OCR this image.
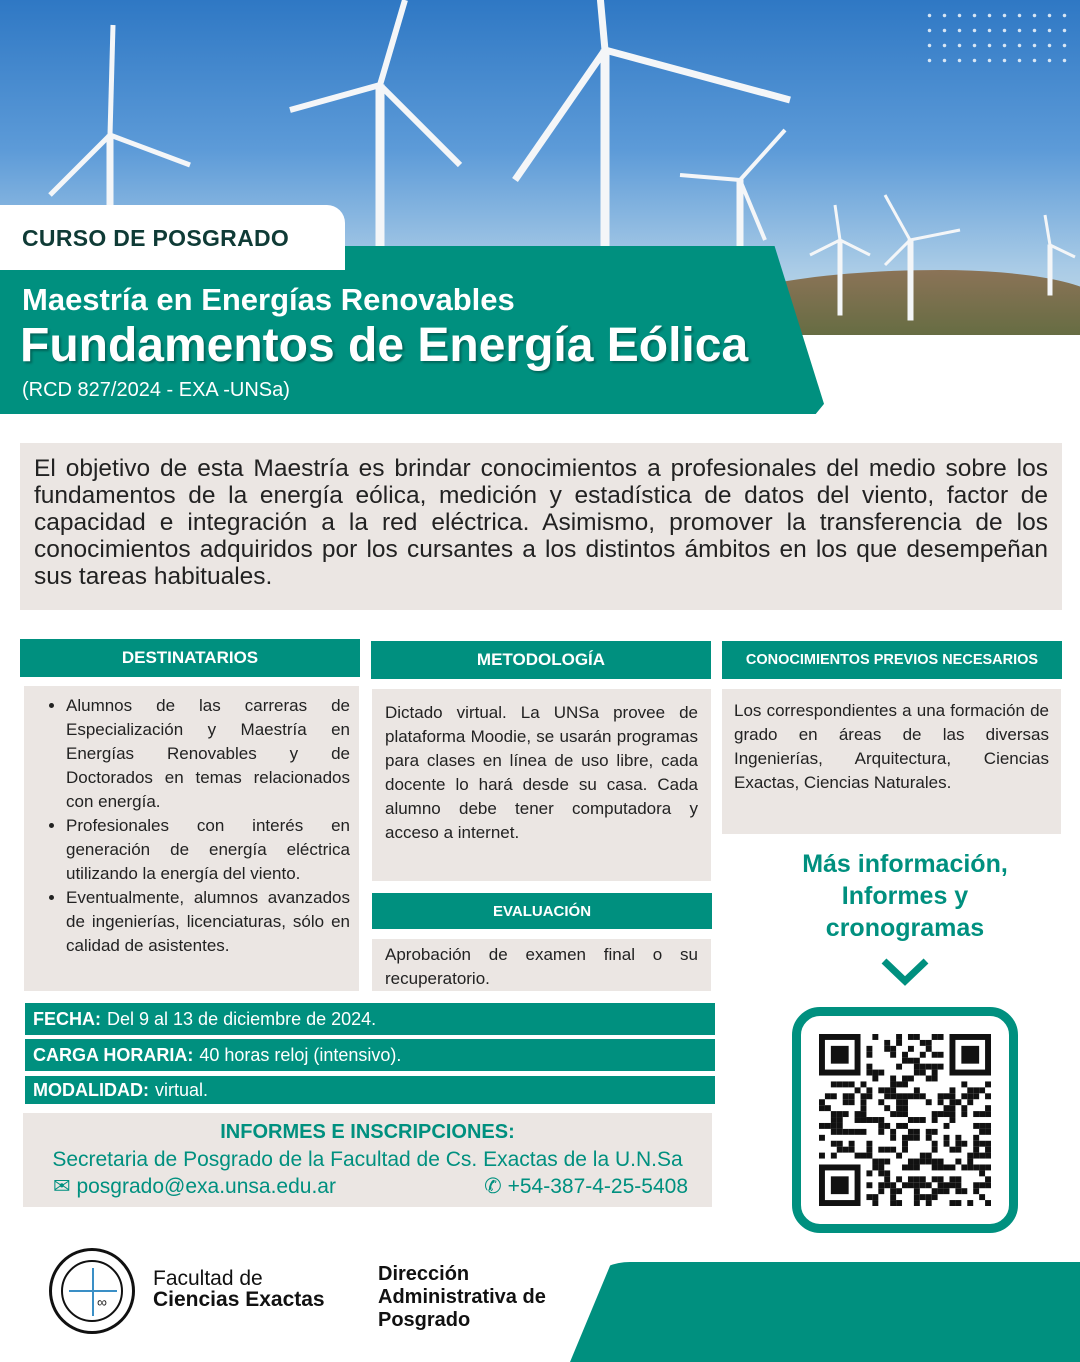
CURSO DE POSGRADO
Maestría en Energías Renovables
Fundamentos de Energía Eólica
(RCD 827/2024 - EXA -UNSa)
El objetivo de esta Maestría es brindar conocimientos a profesionales del medio sobre los fundamentos de la energía eólica, medición y estadística de datos del viento, factor de capacidad e integración a la red eléctrica. Asimismo, promover la transferencia de los conocimientos adquiridos por los cursantes a los distintos ámbitos en los que desempeñan sus tareas habituales.
DESTINATARIOS
• Alumnos de las carreras de Especialización y Maestría en Energías Renovables y de Doctorados en temas relacionados con energía.
• Profesionales con interés en generación de energía eléctrica utilizando la energía del viento.
• Eventualmente, alumnos avanzados de ingenierías, licenciaturas, sólo en calidad de asistentes.
METODOLOGÍA
Dictado virtual. La UNSa provee de plataforma Moodie, se usarán programas para clases en línea de uso libre, cada docente lo hará desde su casa. Cada alumno debe tener computadora y acceso a internet.
EVALUACIÓN
Aprobación de examen final o su recuperatorio.
CONOCIMIENTOS PREVIOS NECESARIOS
Los correspondientes a una formación de grado en áreas de las diversas Ingenierías, Arquitectura, Ciencias Exactas, Ciencias Naturales.
FECHA: Del 9 al 13 de diciembre de 2024.
CARGA HORARIA: 40 horas reloj (intensivo).
MODALIDAD: virtual.
INFORMES E INSCRIPCIONES:
Secretaria de Posgrado de la Facultad de Cs. Exactas de la U.N.Sa
✉ posgrado@exa.unsa.edu.ar	✆ +54-387-4-25-5408
Más información, Informes y cronogramas
∞
Facultad de
Ciencias Exactas
Dirección
Administrativa de
Posgrado
